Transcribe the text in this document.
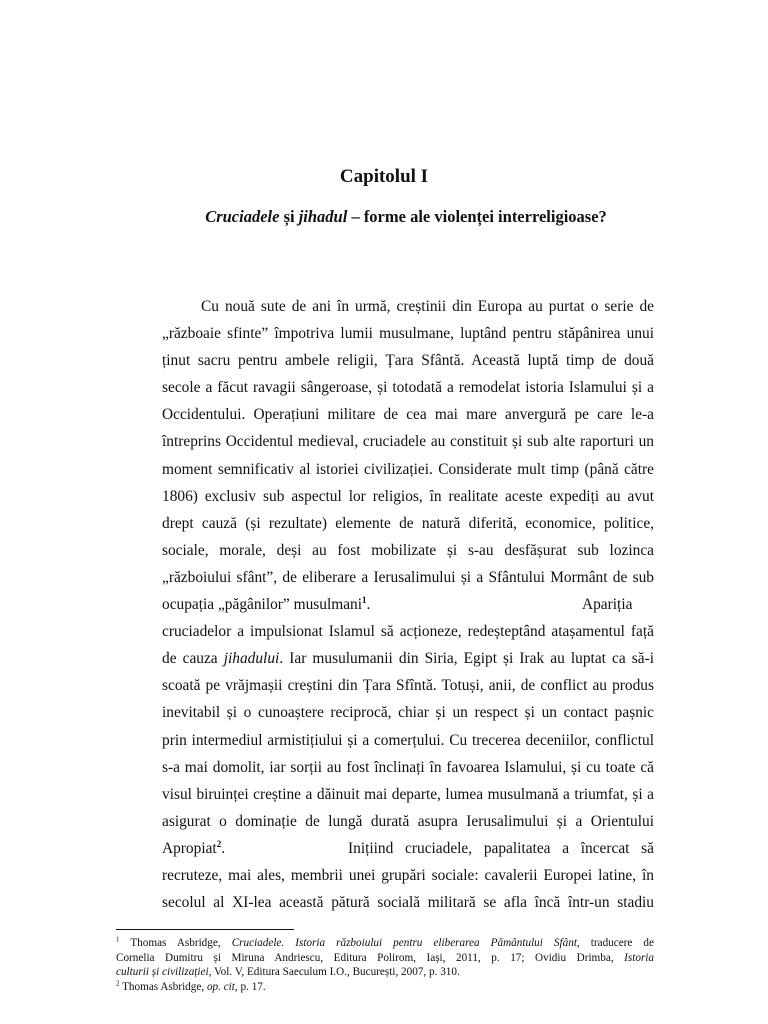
Capitolul I
Cruciadele și jihadul – forme ale violenței interreligioase?
Cu nouă sute de ani în urmă, creștinii din Europa au purtat o serie de
„războaie sfinte” împotriva lumii musulmane, luptând pentru stăpânirea unui
ținut sacru pentru ambele religii, Țara Sfântă. Această luptă timp de două
secole a făcut ravagii sângeroase, și totodată a remodelat istoria Islamului și a
Occidentului. Operațiuni militare de cea mai mare anvergură pe care le-a
întreprins Occidentul medieval, cruciadele au constituit și sub alte raporturi un
moment semnificativ al istoriei civilizației. Considerate mult timp (până către
1806) exclusiv sub aspectul lor religios, în realitate aceste expediți au avut
drept cauză (și rezultate) elemente de natură diferită, economice, politice,
sociale, morale, deși au fost mobilizate și s-au desfășurat sub lozinca
„războiului sfânt”, de eliberare a Ierusalimului și a Sfântului Mormânt de sub
ocupația „păgânilor” musulmani$^1$.	Apariția
cruciadelor a impulsionat Islamul să acționeze, redeșteptând atașamentul față
de cauza jihadului. Iar musulumanii din Siria, Egipt și Irak au luptat ca să-i
scoată pe vrăjmașii creștini din Țara Sfîntă. Totuși, anii, de conflict au produs
inevitabil și o cunoaștere reciprocă, chiar și un respect și un contact pașnic
prin intermediul armistițiului și a comerțului. Cu trecerea deceniilor, conflictul
s-a mai domolit, iar sorții au fost înclinați în favoarea Islamului, și cu toate că
visul biruinței creștine a dăinuit mai departe, lumea musulmană a triumfat, și a
asigurat o dominație de lungă durată asupra Ierusalimului și a Orientului
Apropiat$^2$.	Inițiind cruciadele, papalitatea a încercat să
recruteze, mai ales, membrii unei grupări sociale: cavalerii Europei latine, în
secolul al XI-lea această pătură socială militară se afla încă într-un stadiu
$^1$ Thomas Asbridge, Cruciadele. Istoria războiului pentru eliberarea Pământului Sfânt, traducere de
Cornelia Dumitru și Miruna Andriescu, Editura Polirom, Iași, 2011, p. 17; Ovidiu Drimba, Istoria
culturii și civilizației, Vol. V, Editura Saeculum I.O., București, 2007, p. 310.
$^2$ Thomas Asbridge, op. cit, p. 17.
